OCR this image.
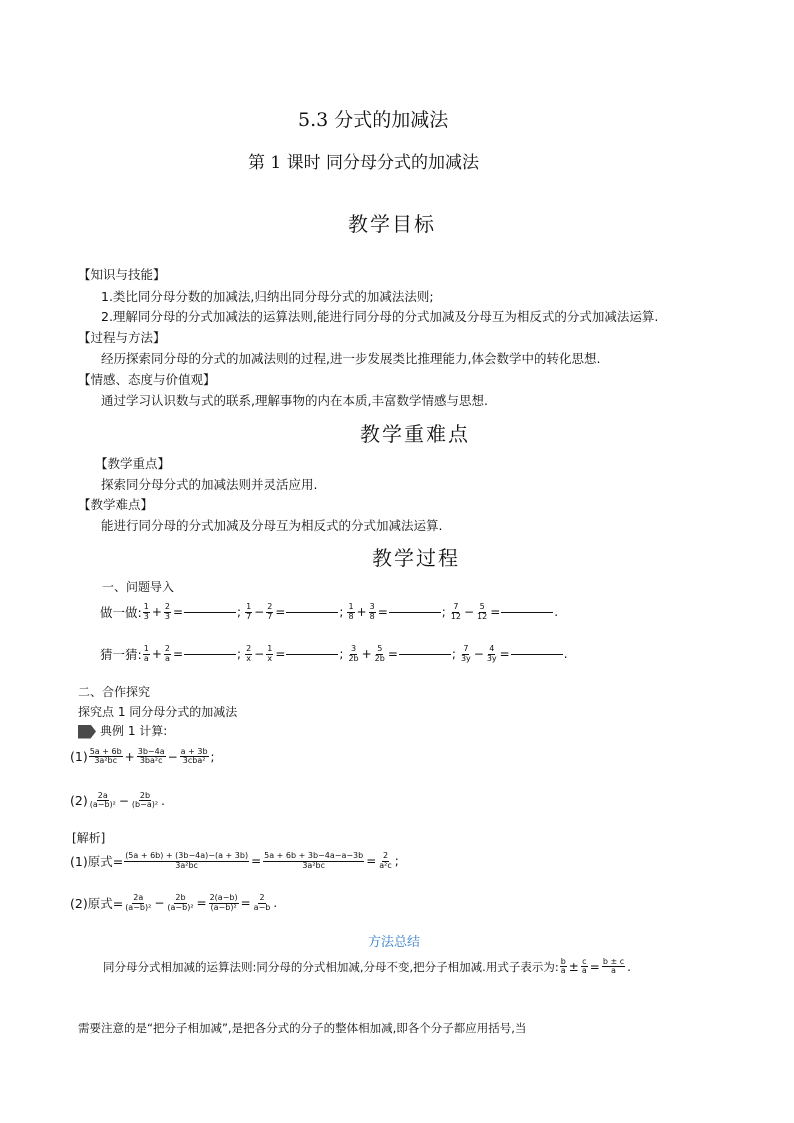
5.3 分式的加减法
第 1 课时 同分母分式的加减法
教学目标
【知识与技能】
1.类比同分母分数的加减法,归纳出同分母分式的加减法法则;
2.理解同分母的分式加减法的运算法则,能进行同分母的分式加减及分母互为相反式的分式加减法运算.
【过程与方法】
经历探索同分母的分式的加减法则的过程,进一步发展类比推理能力,体会数学中的转化思想.
【情感、态度与价值观】
通过学习认识数与式的联系,理解事物的内在本质,丰富数学情感与思想.
教学重难点
【教学重点】
探索同分母分式的加减法则并灵活应用.
【教学难点】
能进行同分母的分式加减及分母互为相反式的分式加减法运算.
教学过程
一、问题导入
做一做: $\frac{1}{3} + \frac{2}{3}$ =	; $\frac{1}{7} - \frac{2}{7}$ =	; $\frac{1}{8} + \frac{3}{8}$ =	; $\frac{7}{12} - \frac{5}{12}$ =	.
猜一猜: $\frac{1}{a} + \frac{2}{a}$ =	; $\frac{2}{x} - \frac{1}{x}$ =	; $\frac{3}{2b} + \frac{5}{2b}$ =	; $\frac{7}{3y} - \frac{4}{3y}$ =	.
二、合作探究
探究点 1 同分母分式的加减法
典例 1 计算:
$(1) \frac{5a + 6b}{\text{3a²bc}} + \frac{3b-4a}{\text{3ba²c}} - \frac{a + 3b}{\text{3cba²}}$ ;
$(2) \frac{2a}{\text{(a−b)²}} - \frac{2b}{\text{(b−a)²}}$ .
[解析]
(1)原式= $\frac{(5a + 6b) + (3b-4a)-(a + 3b)}{\text{3a²bc}} = \frac{5a + 6b + 3b-4a-a-3b}{\text{3a²bc}} = \frac{2}{\text{a²c}}$ ;
(2)原式= $\frac{2a}{\text{(a−b)²}} - \frac{2b}{\text{(a−b)²}} = \frac{2(a-b)}{\text{(a−b)²}} = \frac{2}{a-b}$ .
方法总结
同分母分式相加减的运算法则:同分母的分式相加减,分母不变,把分子相加减.用式子表示为: $\frac{b}{a} \pm \frac{c}{a} = \frac{b \pm c}{a}$ .
需要注意的是“把分子相加减”,是把各分式的分子的整体相加减,即各个分子都应用括号,当
